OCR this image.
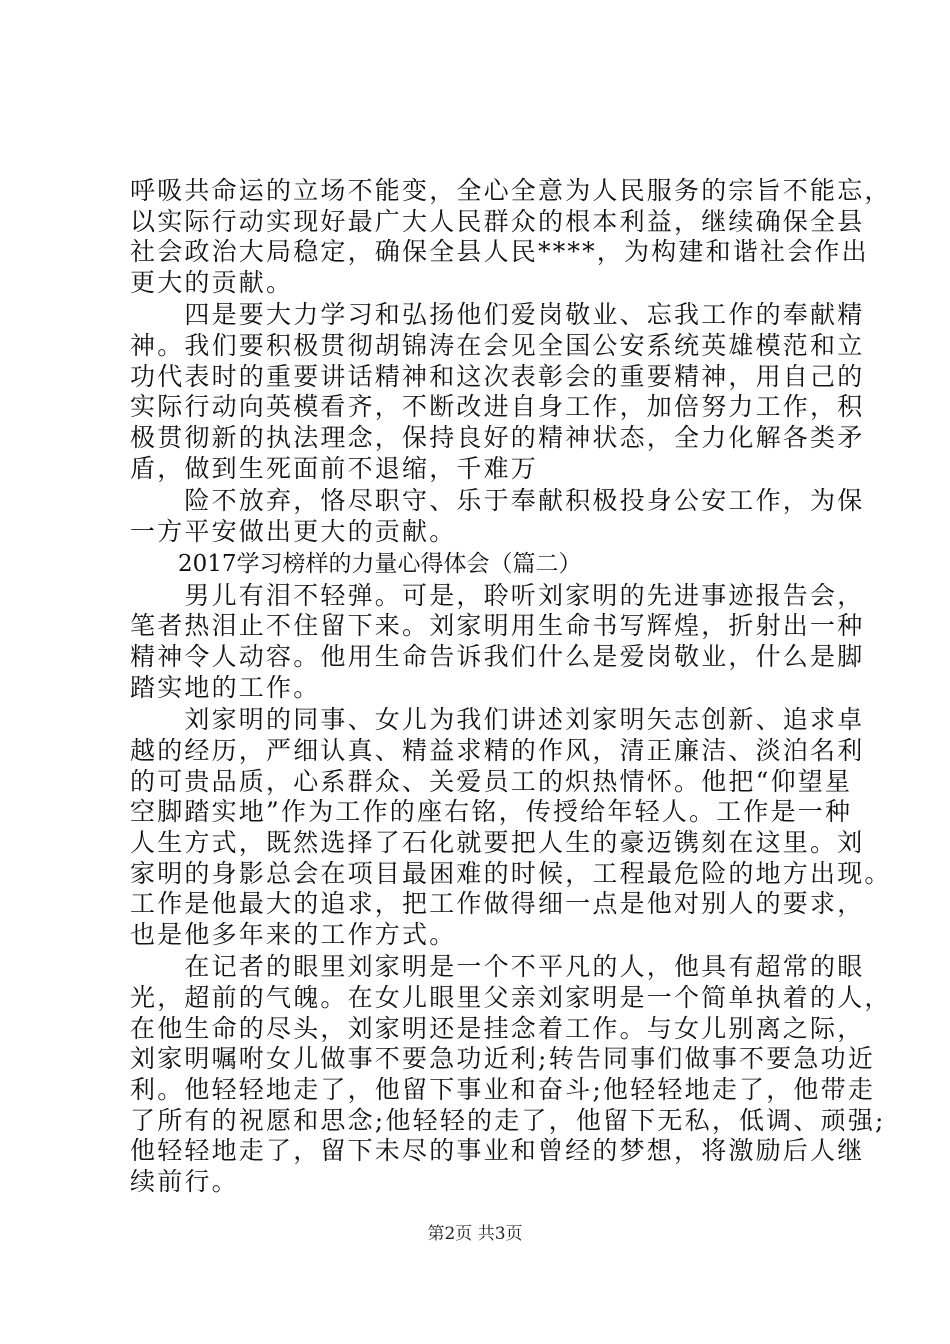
呼吸共命运的立场不能变，全心全意为人民服务的宗旨不能忘，
以实际行动实现好最广大人民群众的根本利益，继续确保全县
社会政治大局稳定，确保全县人民****，为构建和谐社会作出
更大的贡献。
　　四是要大力学习和弘扬他们爱岗敬业、忘我工作的奉献精
神。我们要积极贯彻胡锦涛在会见全国公安系统英雄模范和立
功代表时的重要讲话精神和这次表彰会的重要精神，用自己的
实际行动向英模看齐，不断改进自身工作，加倍努力工作，积
极贯彻新的执法理念，保持良好的精神状态，全力化解各类矛
盾，做到生死面前不退缩，千难万
　　险不放弃，恪尽职守、乐于奉献积极投身公安工作，为保
一方平安做出更大的贡献。
2017学习榜样的力量心得体会（篇二）
　　男儿有泪不轻弹。可是，聆听刘家明的先进事迹报告会，
笔者热泪止不住留下来。刘家明用生命书写辉煌，折射出一种
精神令人动容。他用生命告诉我们什么是爱岗敬业，什么是脚
踏实地的工作。
　　刘家明的同事、女儿为我们讲述刘家明矢志创新、追求卓
越的经历，严细认真、精益求精的作风，清正廉洁、淡泊名利
的可贵品质，心系群众、关爱员工的炽热情怀。他把“仰望星
空脚踏实地”作为工作的座右铭，传授给年轻人。工作是一种
人生方式，既然选择了石化就要把人生的豪迈镌刻在这里。刘
家明的身影总会在项目最困难的时候，工程最危险的地方出现。
工作是他最大的追求，把工作做得细一点是他对别人的要求，
也是他多年来的工作方式。
　　在记者的眼里刘家明是一个不平凡的人，他具有超常的眼
光，超前的气魄。在女儿眼里父亲刘家明是一个简单执着的人，
在他生命的尽头，刘家明还是挂念着工作。与女儿别离之际，
刘家明嘱咐女儿做事不要急功近利;转告同事们做事不要急功近
利。他轻轻地走了，他留下事业和奋斗;他轻轻地走了，他带走
了所有的祝愿和思念;他轻轻的走了，他留下无私，低调、顽强;
他轻轻地走了，留下未尽的事业和曾经的梦想，将激励后人继
续前行。
第2页 共3页
